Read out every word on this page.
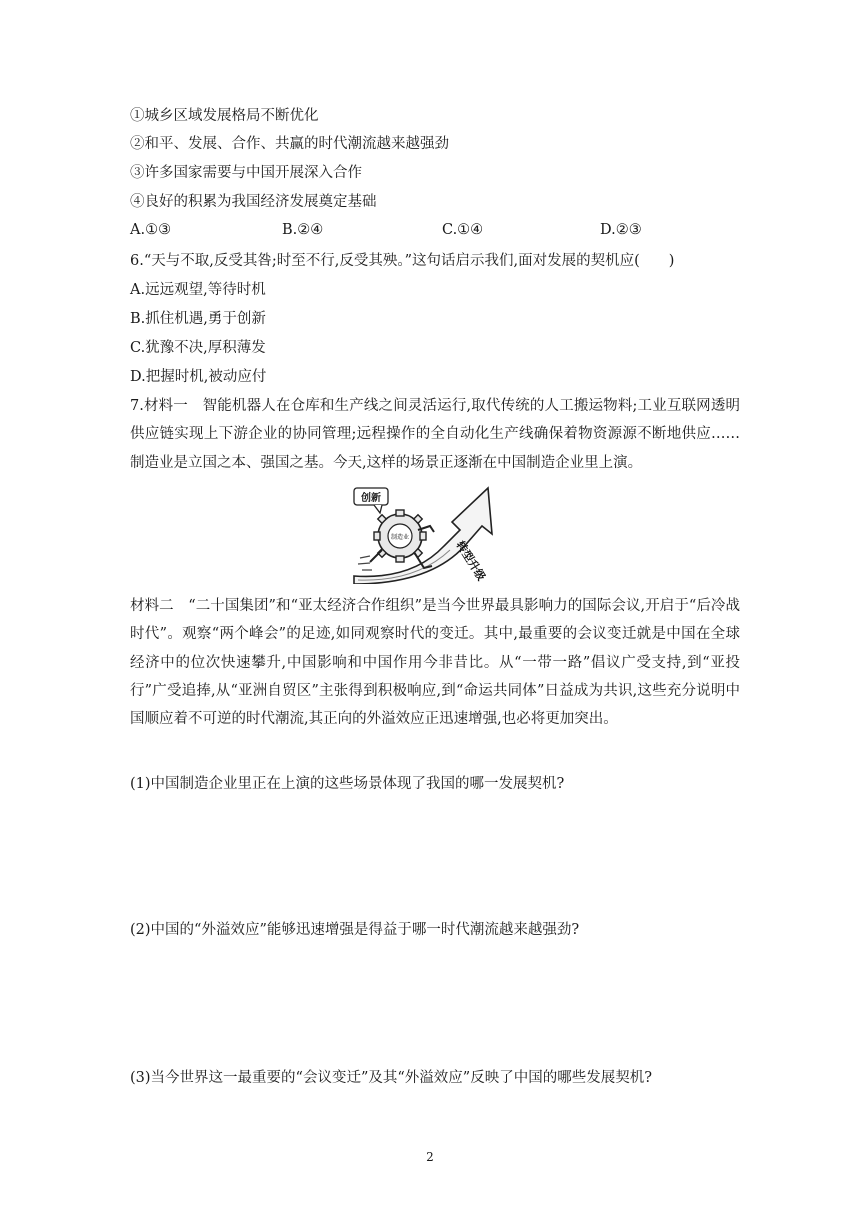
①城乡区域发展格局不断优化
②和平、发展、合作、共赢的时代潮流越来越强劲
③许多国家需要与中国开展深入合作
④良好的积累为我国经济发展奠定基础
A.①③	B.②④	C.①④	D.②③
6.“天与不取,反受其咎;时至不行,反受其殃。”这句话启示我们,面对发展的契机应(　　)
A.远远观望,等待时机
B.抓住机遇,勇于创新
C.犹豫不决,厚积薄发
D.把握时机,被动应付

7.材料一　智能机器人在仓库和生产线之间灵活运行,取代传统的人工搬运物料;工业互联网透明供应链实现上下游企业的协同管理;远程操作的全自动化生产线确保着物资源源不断地供应……制造业是立国之本、强国之基。今天,这样的场景正逐渐在中国制造企业里上演。

创新
制造业
转型升级

材料二　“二十国集团”和“亚太经济合作组织”是当今世界最具影响力的国际会议,开启于“后冷战时代”。观察“两个峰会”的足迹,如同观察时代的变迁。其中,最重要的会议变迁就是中国在全球经济中的位次快速攀升,中国影响和中国作用今非昔比。从“一带一路”倡议广受支持,到“亚投行”广受追捧,从“亚洲自贸区”主张得到积极响应,到“命运共同体”日益成为共识,这些充分说明中国顺应着不可逆的时代潮流,其正向的外溢效应正迅速增强,也必将更加突出。

(1)中国制造企业里正在上演的这些场景体现了我国的哪一发展契机?
(2)中国的“外溢效应”能够迅速增强是得益于哪一时代潮流越来越强劲?
(3)当今世界这一最重要的“会议变迁”及其“外溢效应”反映了中国的哪些发展契机?
2
